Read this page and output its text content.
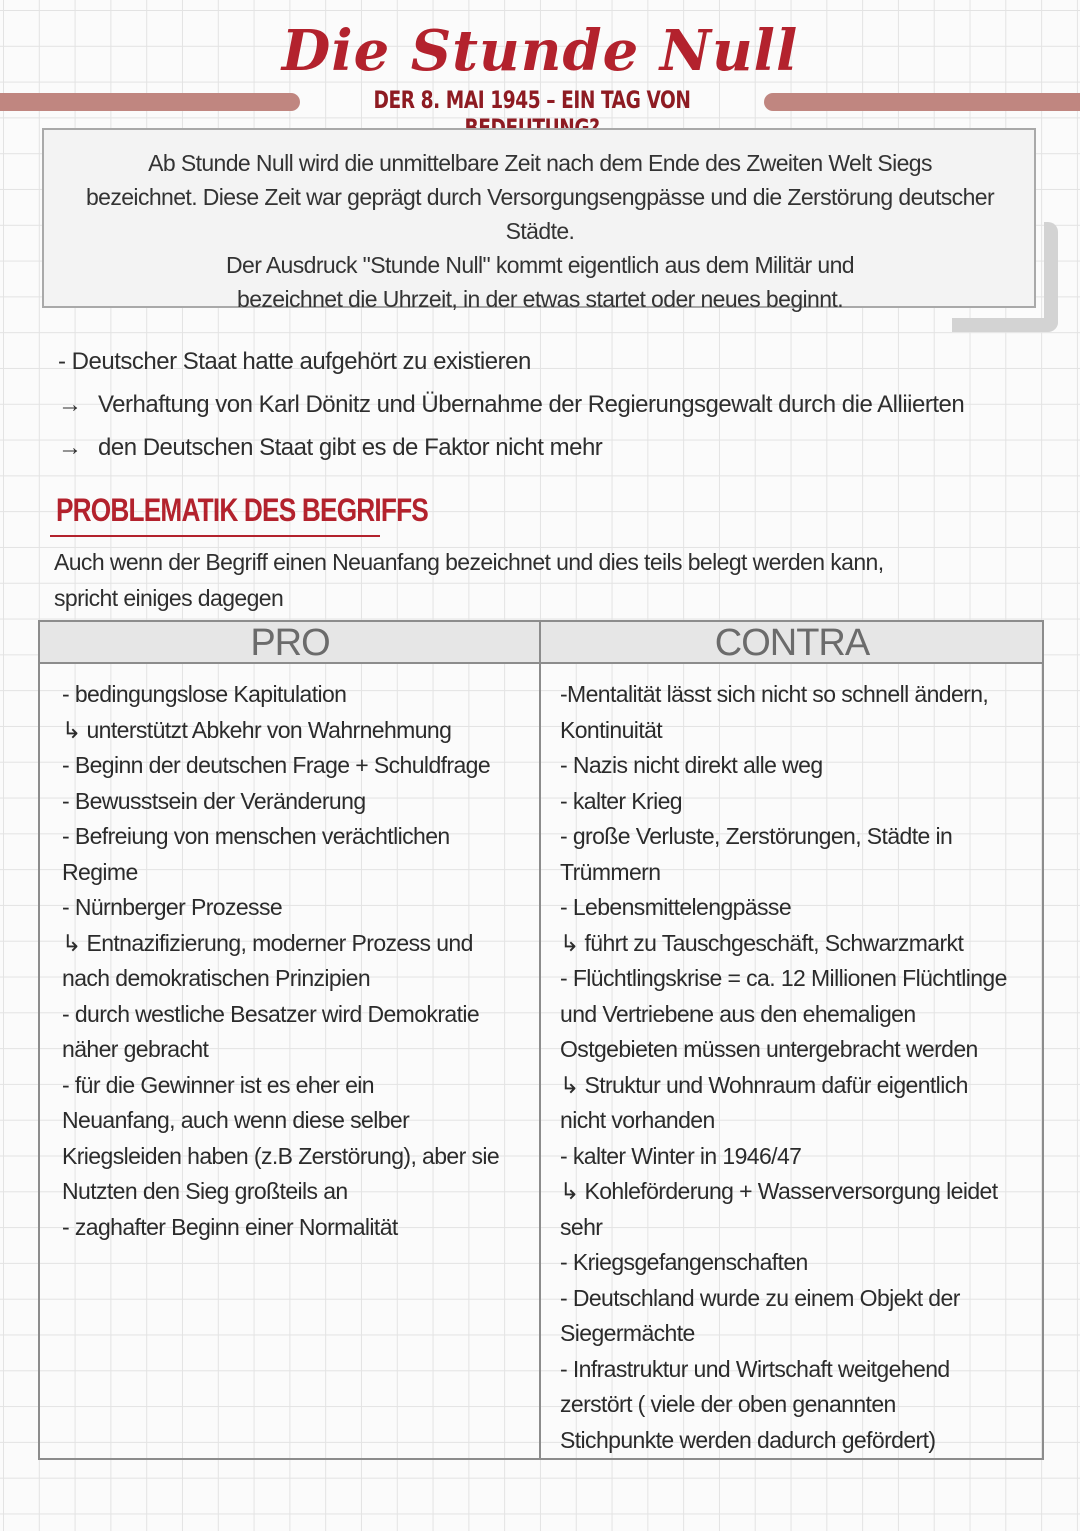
Die Stunde Null
DER 8. MAI 1945 – EIN TAG VON

Ab Stunde Null wird die unmittelbare Zeit nach dem Ende des Zweiten Welt Siegs
bezeichnet. Diese Zeit war geprägt durch Versorgungsengpässe und die Zerstörung deutscher Städte.
Der Ausdruck "Stunde Null" kommt eigentlich aus dem Militär und
bezeichnet die Uhrzeit, in der etwas startet oder neues beginnt.

- Deutscher Staat hatte aufgehört zu existieren
→ Verhaftung von Karl Dönitz und Übernahme der Regierungsgewalt durch die Alliierten
→ den Deutschen Staat gibt es de Faktor nicht mehr
PROBLEMATIK DES BEGRIFFS

Auch wenn der Begriff einen Neuanfang bezeichnet und dies teils belegt werden kann,
spricht einiges dagegen

PRO	CONTRA
- bedingungslose Kapitulation
↳ unterstützt Abkehr von Wahrnehmung
- Beginn der deutschen Frage + Schuldfrage
- Bewusstsein der Veränderung
- Befreiung von menschen verächtlichen
Regime
- Nürnberger Prozesse
↳ Entnazifizierung, moderner Prozess und
nach demokratischen Prinzipien
- durch westliche Besatzer wird Demokratie
näher gebracht
- für die Gewinner ist es eher ein
Neuanfang, auch wenn diese selber
Kriegsleiden haben (z.B Zerstörung), aber sie
Nutzten den Sieg großteils an
- zaghafter Beginn einer Normalität
-Mentalität lässt sich nicht so schnell ändern,
Kontinuität
- Nazis nicht direkt alle weg
- kalter Krieg
- große Verluste, Zerstörungen, Städte in
Trümmern
- Lebensmittelengpässe
↳ führt zu Tauschgeschäft, Schwarzmarkt
- Flüchtlingskrise = ca. 12 Millionen Flüchtlinge
und Vertriebene aus den ehemaligen
Ostgebieten müssen untergebracht werden
↳ Struktur und Wohnraum dafür eigentlich
nicht vorhanden
- kalter Winter in 1946/47
↳ Kohleförderung + Wasserversorgung leidet
sehr
- Kriegsgefangenschaften
- Deutschland wurde zu einem Objekt der
Siegermächte
- Infrastruktur und Wirtschaft weitgehend
zerstört ( viele der oben genannten
Stichpunkte werden dadurch gefördert)
